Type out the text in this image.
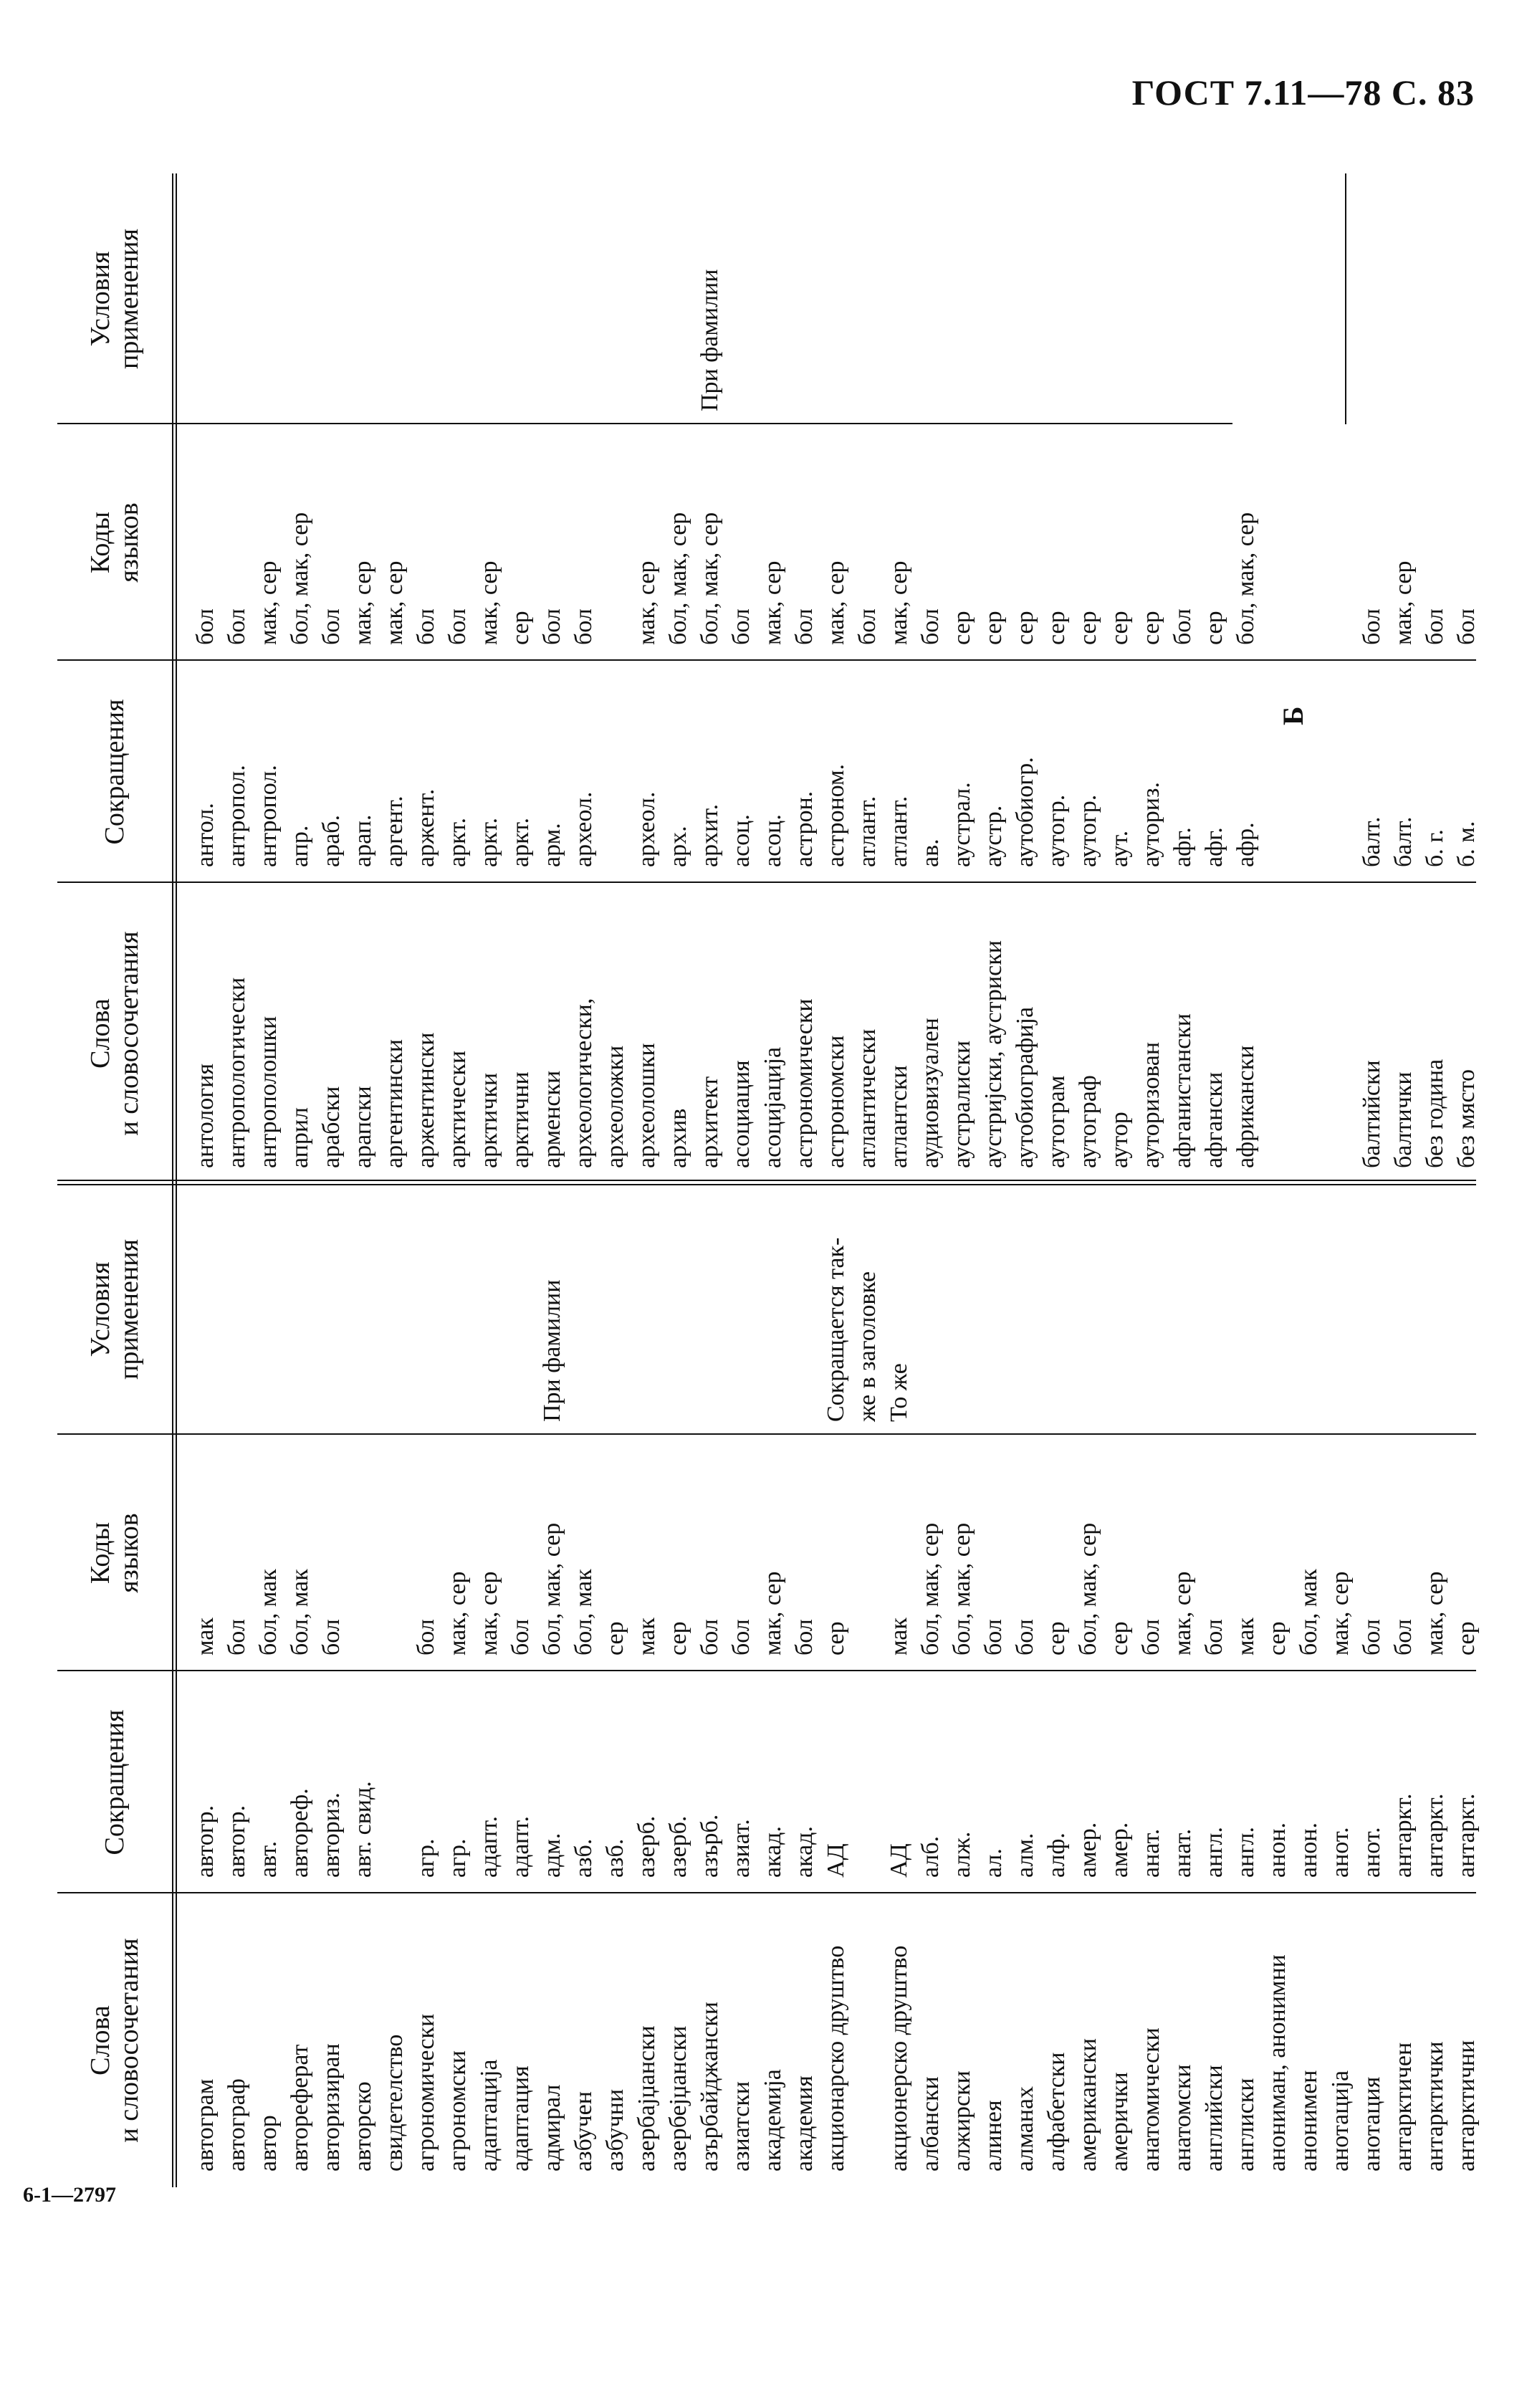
ГОСТ 7.11—78 С. 83
6-1—2797
Слова
и словосочетания
Сокращения
Коды
языков
Условия
применения
автограм
автогр.
мак
автограф
автогр.
бол
автор
авт.
бол, мак
автореферат
автореф.
бол, мак
авторизиран
авториз.
бол
авторско
авт. свид.
свидетелство агрономически
агр.
бол
агрономски
агр.
мак, сер
адаптација
адапт.
мак, сер
адаптация
адапт.
бол
адмирал
адм.
бол, мак, сер
При фамилии
азбучен
азб.
бол, мак
азбучни
азб.
сер
азербајџански
азерб.
мак
азербејџански
азерб.
сер
азърбайджански
азърб.
бол
азиатски
азиат.
бол
академија
акад.
мак, сер
академия
акад.
бол
акционарско друштво
АД
сер
Сокращается так-
же в заголовке
акционерско друштво
АД
мак
То же
албански
алб.
бол, мак, сер
алжирски
алж.
бол, мак, сер
алинея
ал.
бол
алманах
алм.
бол
алфабетски
алф.
сер
американски
амер.
бол, мак, сер
амерички
амер.
сер
анатомически
анат.
бол
анатомски
анат.
мак, сер
английски
англ.
бол
англиски
англ.
мак
анониман, анонимни
анон.
сер
анонимен
анон.
бол, мак
анотација
анот.
мак, сер
анотация
анот.
бол
антарктичен
антаркт.
бол
антарктички
антаркт.
мак, сер
антарктични
антаркт.
сер
Слова
и словосочетания
Сокращения
Коды
языков
Условия
применения
антология
антол.
бол
антропологически
антропол.
бол
антрополошки
антропол.
мак, сер
април
апр.
бол, мак, сер
арабски
араб.
бол
арапски
арап.
мак, сер
аргентински
аргент.
мак, сер
аржентински
аржент.
бол
арктически
аркт.
бол
арктички
аркт.
мак, сер
арктични
аркт.
сер
арменски
арм.
бол
археологически,
археол.
бол
археоложки археолошки
археол.
мак, сер
архив
арх.
бол, мак, сер
архитект
архит.
бол, мак, сер
При фамилии
асоциация
асоц.
бол
асоцијација
асоц.
мак, сер
астрономически
астрон.
бол
астрономски
астроном.
мак, сер
атлантически
атлант.
бол
атлантски
атлант.
мак, сер
аудиовизуален
ав.
бол
аустралиски
аустрал.
сер
аустријски, аустриски
аустр.
сер
аутобиографија
аутобиогр.
сер
аутограм
аутогр.
сер
аутограф
аутогр.
сер
аутор
аут.
сер
ауторизован
ауториз.
сер
афганистански
афг.
бол
афгански
афг.
сер
африкански
афр.
бол, мак, сер
Б
балтийски
балт.
бол
балтички
балт.
мак, сер
без година
б. г.
бол
без място
б. м.
бол
